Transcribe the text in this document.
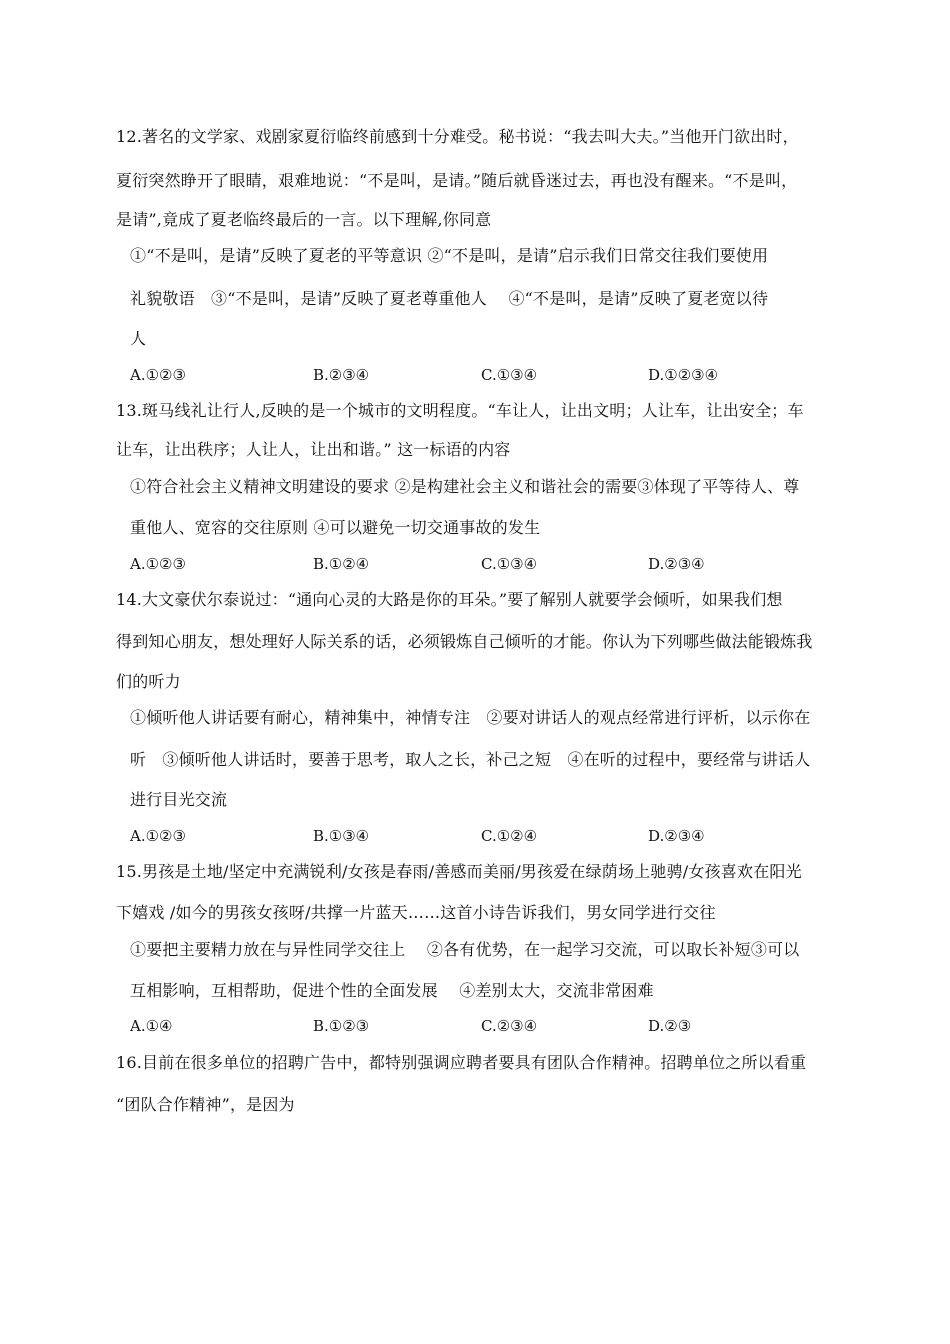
12.著名的文学家、戏剧家夏衍临终前感到十分难受。秘书说：“我去叫大夫。”当他开门欲出时，
夏衍突然睁开了眼睛，艰难地说：“不是叫，是请。”随后就昏迷过去，再也没有醒来。“不是叫，
是请”,竟成了夏老临终最后的一言。以下理解,你同意
①“不是叫，是请”反映了夏老的平等意识 ②“不是叫，是请”启示我们日常交往我们要使用
礼貌敬语　③“不是叫，是请”反映了夏老尊重他人　 ④“不是叫，是请”反映了夏老宽以待
人
A.①②③	B.②③④	C.①③④	D.①②③④
13.斑马线礼让行人,反映的是一个城市的文明程度。“车让人，让出文明；人让车，让出安全；车
让车，让出秩序；人让人，让出和谐。” 这一标语的内容
①符合社会主义精神文明建设的要求 ②是构建社会主义和谐社会的需要③体现了平等待人、尊
重他人、宽容的交往原则 ④可以避免一切交通事故的发生
A.①②③	B.①②④	C.①③④	D.②③④
14.大文豪伏尔泰说过：“通向心灵的大路是你的耳朵。”要了解别人就要学会倾听，如果我们想
得到知心朋友，想处理好人际关系的话，必须锻炼自己倾听的才能。你认为下列哪些做法能锻炼我
们的听力
①倾听他人讲话要有耐心，精神集中，神情专注　②要对讲话人的观点经常进行评析，以示你在
听　③倾听他人讲话时，要善于思考，取人之长，补己之短　④在听的过程中，要经常与讲话人
进行目光交流
A.①②③	B.①③④	C.①②④	D.②③④
15.男孩是土地/坚定中充满锐利/女孩是春雨/善感而美丽/男孩爱在绿荫场上驰骋/女孩喜欢在阳光
下嬉戏 /如今的男孩女孩呀/共撑一片蓝天……这首小诗告诉我们，男女同学进行交往
①要把主要精力放在与异性同学交往上　 ②各有优势，在一起学习交流，可以取长补短③可以
互相影响，互相帮助，促进个性的全面发展　 ④差别太大，交流非常困难
A.①④	B.①②③	C.②③④	D.②③
16.目前在很多单位的招聘广告中，都特别强调应聘者要具有团队合作精神。招聘单位之所以看重
“团队合作精神”，是因为
